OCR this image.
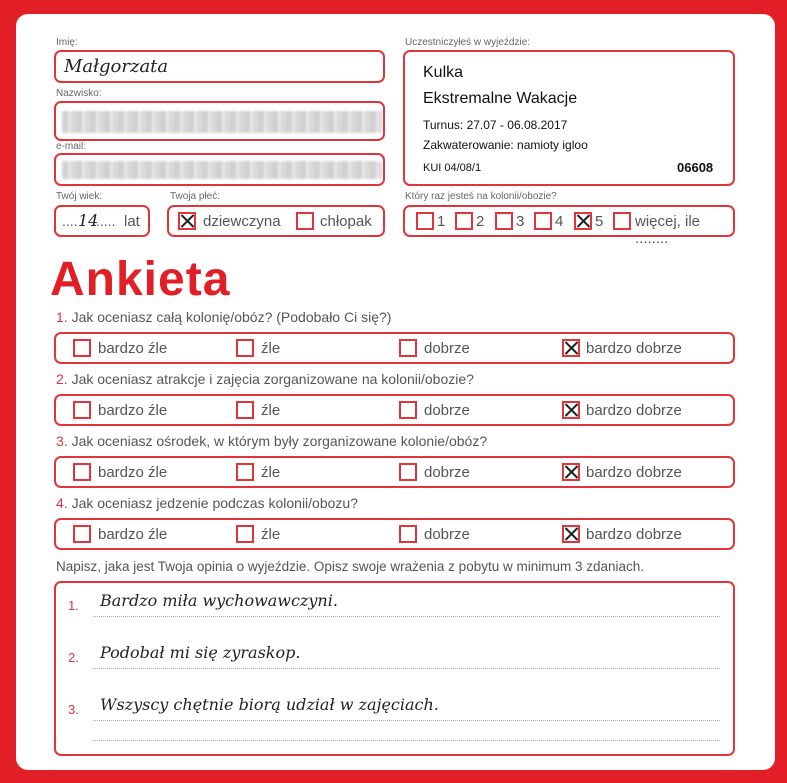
Imię:
Małgorzata
Nazwisko:
e-mail:
Twój wiek:
.... 14
..... lat
Twoja płeć:
dziewczyna	chłopak
Uczestniczyłeś w wyjeździe:
Kulka
Ekstremalne Wakacje
Turnus: 27.07 - 06.08.2017
Zakwaterowanie: namioty igloo
KUI 04/08/1	06608
Który raz jesteś na kolonii/obozie?
1 2 3 4 5 więcej, ile ........
Ankieta
1. Jak oceniasz całą kolonię/obóz? (Podobało Ci się?)
bardzo źle	źle	dobrze	bardzo dobrze
2. Jak oceniasz atrakcje i zajęcia zorganizowane na kolonii/obozie?
bardzo źle	źle	dobrze	bardzo dobrze
3. Jak oceniasz ośrodek, w którym były zorganizowane kolonie/obóz?
bardzo źle	źle	dobrze	bardzo dobrze
4. Jak oceniasz jedzenie podczas kolonii/obozu?
bardzo źle	źle	dobrze	bardzo dobrze
Napisz, jaka jest Twoja opinia o wyjeździe. Opisz swoje wrażenia z pobytu w minimum 3 zdaniach.
1. Bardzo miła wychowawczyni.
2. Podobał mi się zyraskop.
3. Wszyscy chętnie biorą udział w zajęciach.
